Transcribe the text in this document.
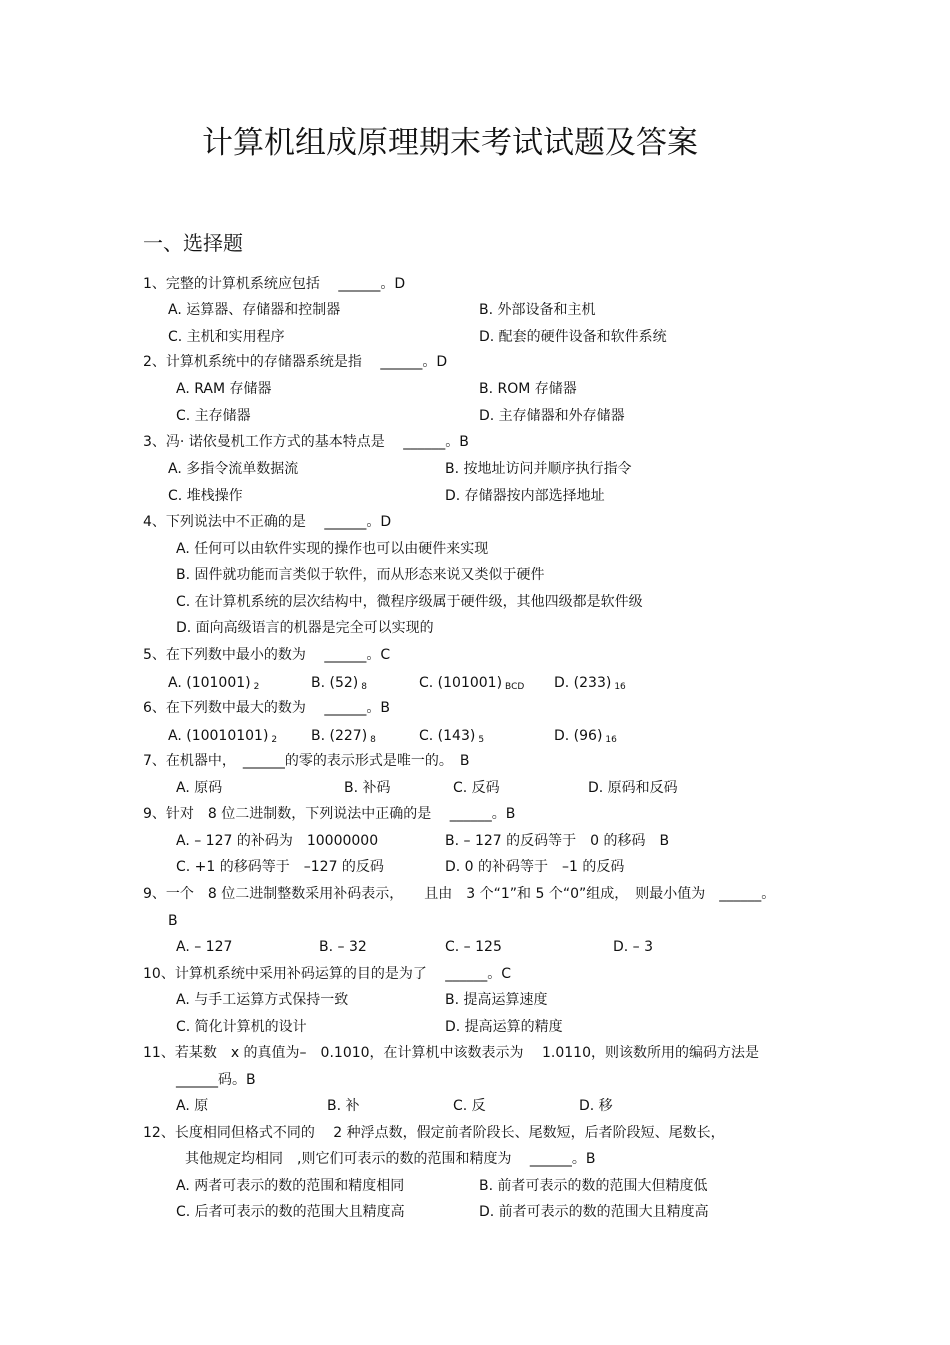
计算机组成原理期末考试试题及答案
一、选择题
1、完整的计算机系统应包括　 ______。D
A. 运算器、存储器和控制器	B. 外部设备和主机
C. 主机和实用程序	D. 配套的硬件设备和软件系统
2、计算机系统中的存储器系统是指　 ______。D
A. RAM 存储器	B. ROM 存储器
C. 主存储器	D. 主存储器和外存储器
3、冯· 诺依曼机工作方式的基本特点是　 ______。B
A. 多指令流单数据流	B. 按地址访问并顺序执行指令
C. 堆栈操作	D. 存储器按内部选择地址
4、下列说法中不正确的是　 ______。D
A. 任何可以由软件实现的操作也可以由硬件来实现
B. 固件就功能而言类似于软件，而从形态来说又类似于硬件
C. 在计算机系统的层次结构中，微程序级属于硬件级，其他四级都是软件级
D. 面向高级语言的机器是完全可以实现的
5、在下列数中最小的数为　 ______。C
A. (101001) $_2$	B. (52) $_8$	C. (101001) $_{BCD}$ D. (233) $_{16}$
6、在下列数中最大的数为　 ______。B
A. (10010101) $_2$ B. (227) $_8$	C. (143) $_5$	D. (96) $_{16}$
7、在机器中，　______的零的表示形式是唯一的。　B
A. 原码	B. 补码	C. 反码	D. 原码和反码
9、针对　8 位二进制数，下列说法中正确的是　 ______。B
A. – 127 的补码为　10000000	B. – 127 的反码等于　0 的移码　B
C. +1 的移码等于　–127 的反码	D. 0 的补码等于　–1 的反码
9、一个　8 位二进制整数采用补码表示，　　且由　3 个“1”和 5 个“0”组成，　则最小值为　______。
B
A. – 127	B. – 32	C. – 125	D. – 3
10、计算机系统中采用补码运算的目的是为了　 ______。C
A. 与手工运算方式保持一致	B. 提高运算速度
C. 简化计算机的设计	D. 提高运算的精度
11、若某数　x 的真值为–　0.1010，在计算机中该数表示为　 1.0110，则该数所用的编码方法是
______码。B
A. 原	B. 补	C. 反	D. 移
12、长度相同但格式不同的　 2 种浮点数，假定前者阶段长、尾数短，后者阶段短、尾数长，
其他规定均相同　,则它们可表示的数的范围和精度为　 ______。B
A. 两者可表示的数的范围和精度相同	B. 前者可表示的数的范围大但精度低
C. 后者可表示的数的范围大且精度高	D. 前者可表示的数的范围大且精度高
